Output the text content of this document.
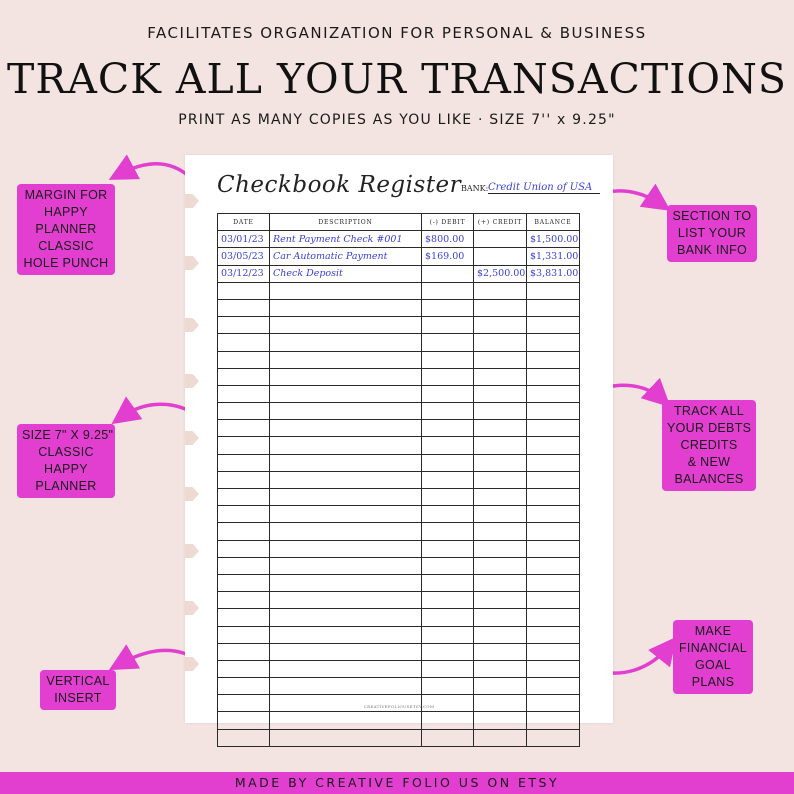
FACILITATES ORGANIZATION FOR PERSONAL & BUSINESS
TRACK ALL YOUR TRANSACTIONS
PRINT AS MANY COPIES AS YOU LIKE · SIZE 7'' x 9.25"
Checkbook Register BANK: Credit Union of USA
DATE	DESCRIPTION	(-) DEBIT	(+) CREDIT	BALANCE
03/01/23	Rent Payment Check #001	$800.00		$1,500.00
03/05/23	Car Automatic Payment	$169.00		$1,331.00
03/12/23	Check Deposit		$2,500.00	$3,831.00

CREATIVEFOLIOUSETSY.COM
MARGIN FOR
HAPPY
PLANNER
CLASSIC
HOLE PUNCH
SIZE 7" X 9.25"
CLASSIC
HAPPY
PLANNER
VERTICAL
INSERT
SECTION TO
LIST YOUR
BANK INFO
TRACK ALL
YOUR DEBTS
CREDITS
& NEW
BALANCES
MAKE
FINANCIAL
GOAL
PLANS
MADE BY CREATIVE FOLIO US ON ETSY
